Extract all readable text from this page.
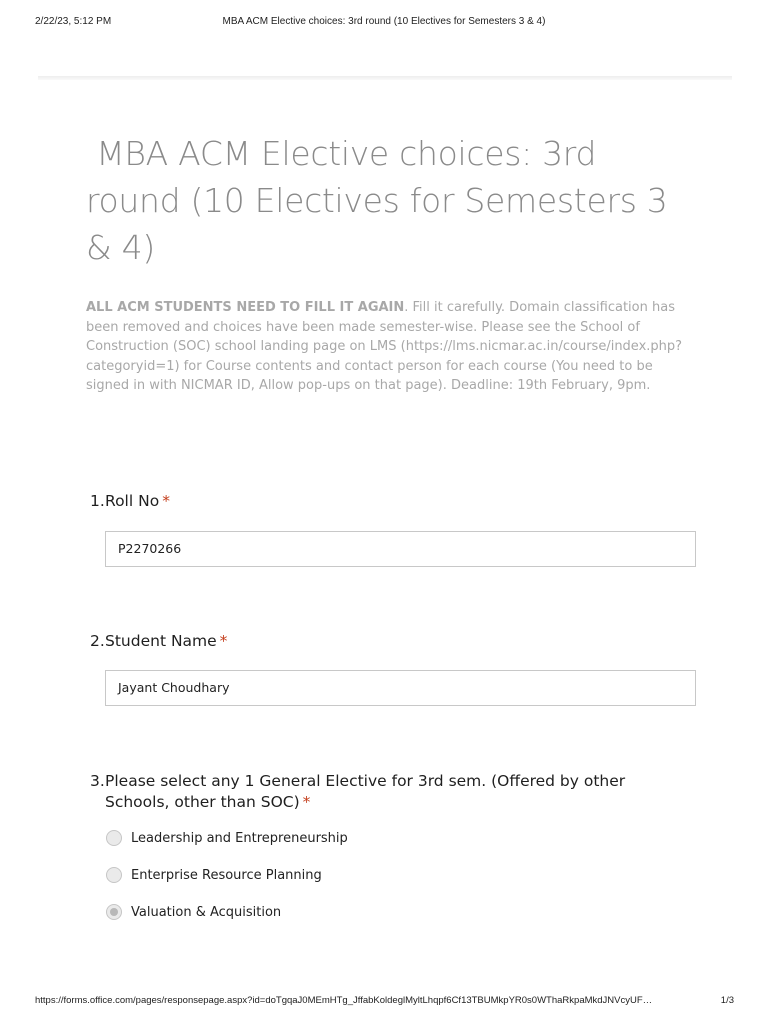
2/22/23, 5:12 PM	MBA ACM Elective choices: 3rd round (10 Electives for Semesters 3 & 4)
MBA ACM Elective choices: 3rd round (10 Electives for Semesters 3 & 4)
ALL ACM STUDENTS NEED TO FILL IT AGAIN. Fill it carefully. Domain classification has been removed and choices have been made semester-wise. Please see the School of Construction (SOC) school landing page on LMS (https://lms.nicmar.ac.in/course/index.php?categoryid=1) for Course contents and contact person for each course (You need to be signed in with NICMAR ID, Allow pop-ups on that page). Deadline: 19th February, 9pm.
1. Roll No *
P2270266
2. Student Name *
Jayant Choudhary
3. Please select any 1 General Elective for 3rd sem. (Offered by other Schools, other than SOC) *
Leadership and Entrepreneurship
Enterprise Resource Planning
Valuation & Acquisition
https://forms.office.com/pages/responsepage.aspx?id=doTgqaJ0MEmHTg_JffabKoldeglMyltLhqpf6Cf13TBUMkpYR0s0WThaRkpaMkdJNVcyUF…	1/3
